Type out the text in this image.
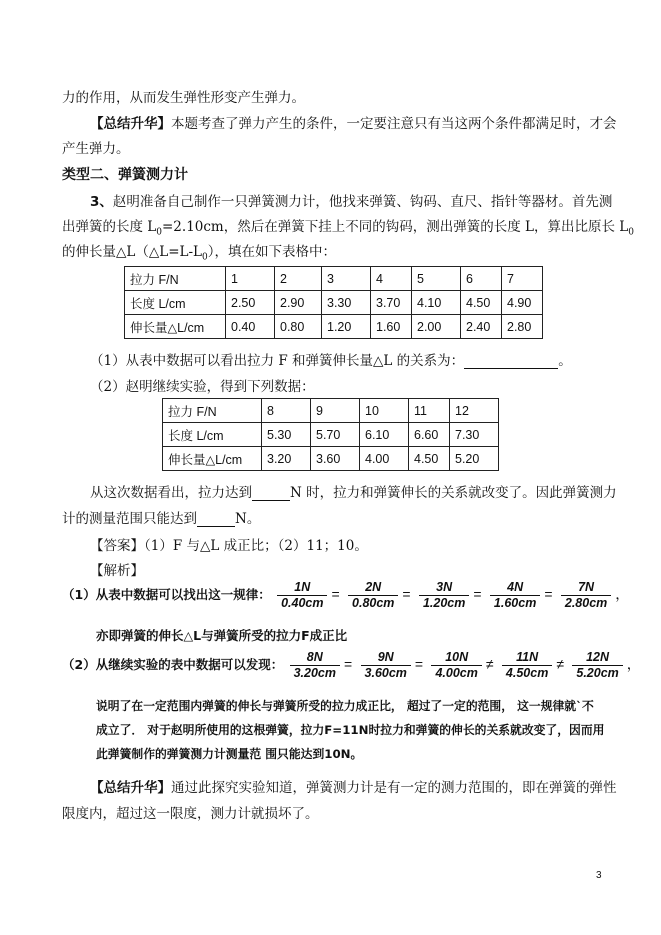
力的作用，从而发生弹性形变产生弹力。
【总结升华】本题考查了弹力产生的条件，一定要注意只有当这两个条件都满足时，才会
产生弹力。
类型二、弹簧测力计
3、赵明准备自己制作一只弹簧测力计，他找来弹簧、钩码、直尺、指针等器材。首先测
出弹簧的长度 $L_0=2.10cm$，然后在弹簧下挂上不同的钩码，测出弹簧的长度 L，算出比原长 $L_0$
的伸长量$\triangle L(\triangle L=L-L_0)$，填在如下表格中：
拉力 F/N	1	2	3	4	5	6	7
长度 L/cm	2.50	2.90	3.30	3.70	4.10	4.50	4.90
伸长量△L/cm	0.40	0.80	1.20	1.60	2.00	2.40	2.80
（1）从表中数据可以看出拉力 F 和弹簧伸长量△L 的关系为：	。
（2）赵明继续实验，得到下列数据：
拉力 F/N	8	9	10	11	12
长度 L/cm	5.30	5.70	6.10	6.60	7.30
伸长量△L/cm	3.20	3.60	4.00	4.50	5.20
从这次数据看出，拉力达到	N 时，拉力和弹簧伸长的关系就改变了。因此弹簧测力
计的测量范围只能达到	N。
【答案】（1）F 与△L 成正比；（2）11；10。
【解析】
（1）从表中数据可以找出这一规律： $\frac{1N}{0.40cm} = \frac{2N}{0.80cm} = \frac{3N}{1.20cm} = \frac{4N}{1.60cm} = \frac{7N}{2.80cm}$ ，
亦即弹簧的伸长△L与弹簧所受的拉力F成正比
（2）从继续实验的表中数据可以发现： $\frac{8N}{3.20cm} = \frac{9N}{3.60cm} = \frac{10N}{4.00cm} \ne \frac{11N}{4.50cm} \ne \frac{12N}{5.20cm}$ ，
说明了在一定范围内弹簧的伸长与弹簧所受的拉力成正比， 超过了一定的范围， 这一规律就`不
成立了． 对于赵明所使用的这根弹簧，拉力F=11N时拉力和弹簧的伸长的关系就改变了，因而用
此弹簧制作的弹簧测力计测量范 围只能达到10N。
【总结升华】通过此探究实验知道，弹簧测力计是有一定的测力范围的，即在弹簧的弹性
限度内，超过这一限度，测力计就损坏了。
3
